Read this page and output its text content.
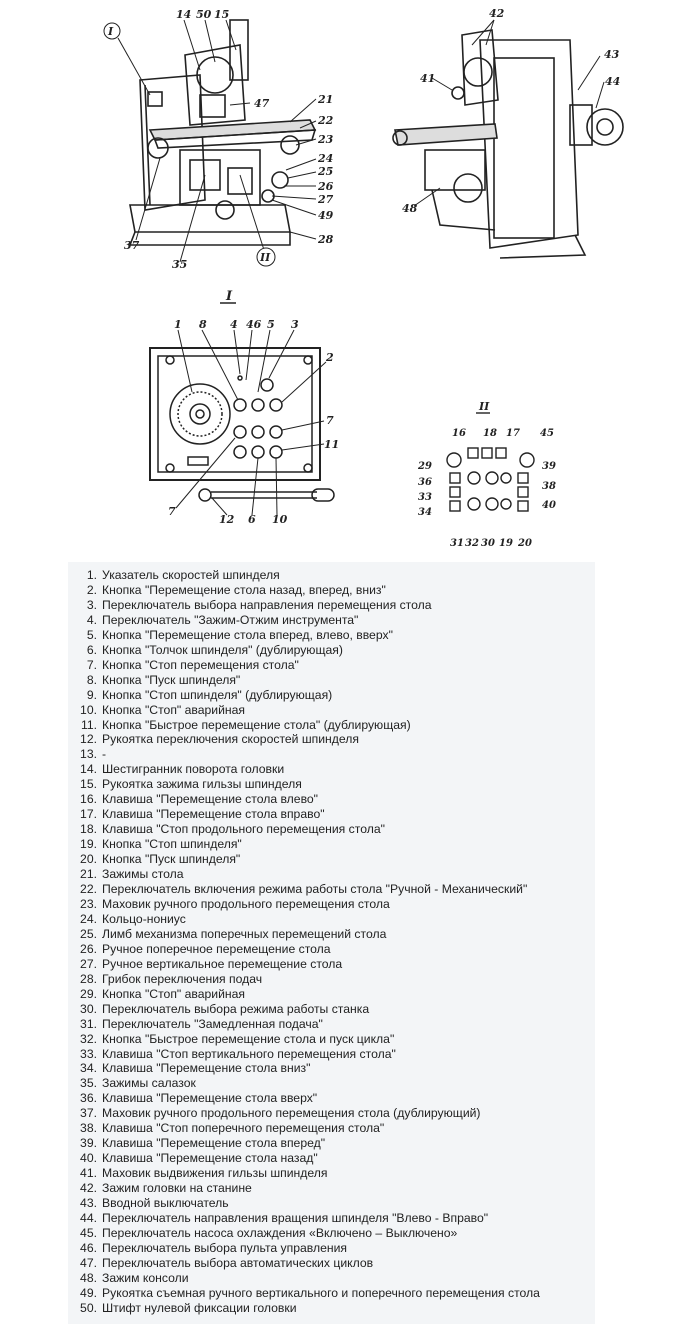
I
14 50 15
47	21
22
23
24
25
26
27
49
28
II
35
37
41
42
43
44
48
I
1 8 4 46 5 3
2
7
11
7
12 6 10
II
16 18 17 45
29	39
36	38
33
34
40
31 32 30 19 20
1. Указатель скоростей шпинделя
2. Кнопка "Перемещение стола назад, вперед, вниз"
3. Переключатель выбора направления перемещения стола
4. Переключатель "Зажим-Отжим инструмента"
5. Кнопка "Перемещение стола вперед, влево, вверх"
6. Кнопка "Толчок шпинделя" (дублирующая)
7. Кнопка "Стоп перемещения стола"
8. Кнопка "Пуск шпинделя"
9. Кнопка "Стоп шпинделя" (дублирующая)
10. Кнопка "Стоп" аварийная
11. Кнопка "Быстрое перемещение стола" (дублирующая)
12. Рукоятка переключения скоростей шпинделя
13. -
14. Шестигранник поворота головки
15. Рукоятка зажима гильзы шпинделя
16. Клавиша "Перемещение стола влево"
17. Клавиша "Перемещение стола вправо"
18. Клавиша "Стоп продольного перемещения стола"
19. Кнопка "Стоп шпинделя"
20. Кнопка "Пуск шпинделя"
21. Зажимы стола
22. Переключатель включения режима работы стола "Ручной - Механический"
23. Маховик ручного продольного перемещения стола
24. Кольцо-нониус
25. Лимб механизма поперечных перемещений стола
26. Ручное поперечное перемещение стола
27. Ручное вертикальное перемещение стола
28. Грибок переключения подач
29. Кнопка "Стоп" аварийная
30. Переключатель выбора режима работы станка
31. Переключатель "Замедленная подача"
32. Кнопка "Быстрое перемещение стола и пуск цикла"
33. Клавиша "Стоп вертикального перемещения стола"
34. Клавиша "Перемещение стола вниз"
35. Зажимы салазок
36. Клавиша "Перемещение стола вверх"
37. Маховик ручного продольного перемещения стола (дублирующий)
38. Клавиша "Стоп поперечного перемещения стола"
39. Клавиша "Перемещение стола вперед"
40. Клавиша "Перемещение стола назад"
41. Маховик выдвижения гильзы шпинделя
42. Зажим головки на станине
43. Вводной выключатель
44. Переключатель направления вращения шпинделя "Влево - Вправо"
45. Переключатель насоса охлаждения «Включено – Выключено»
46. Переключатель выбора пульта управления
47. Переключатель выбора автоматических циклов
48. Зажим консоли
49. Рукоятка съемная ручного вертикального и поперечного перемещения стола
50. Штифт нулевой фиксации головки
